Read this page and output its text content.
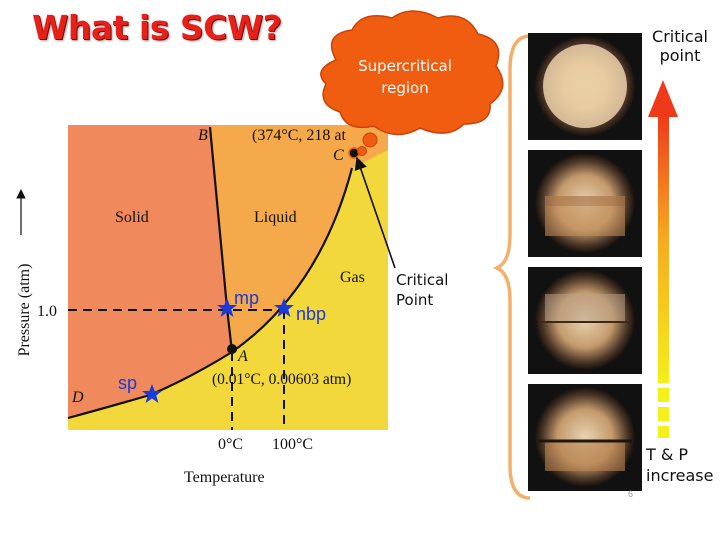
What is SCW?
Solid	Liquid
Gas
B
C
A
D
(374°C, 218 at
(0.01°C, 0.00603 atm)
mp
nbp
sp
Pressure (atm) 1.0
0°C 100°C
Temperature
Supercritical
region
Critical
point
Critical
Point
T & P
increase
6
